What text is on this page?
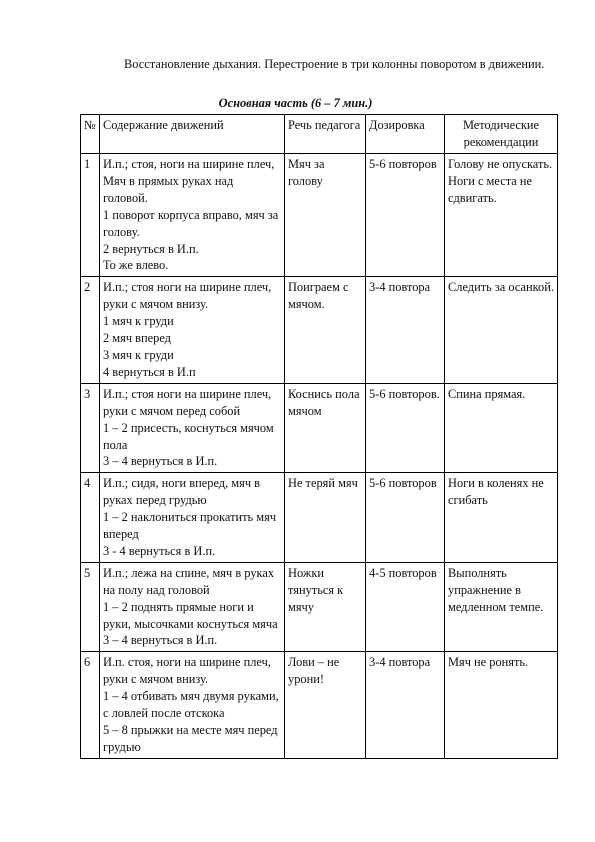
Восстановление дыхания. Перестроение в три колонны поворотом в движении.
Основная часть (6 – 7 мин.)
№	Содержание движений	Речь педагога	Дозировка	Методические рекомендации
1	И.п.; стоя, ноги на ширине плеч, Мяч в прямых руках над головой.
1 поворот корпуса вправо, мяч за голову.
2 вернуться в И.п.
То же влево.	Мяч за голову	5-6 повторов	Голову не опускать. Ноги с места не сдвигать.
2	И.п.; стоя ноги на ширине плеч, руки с мячом внизу.
1 мяч к груди
2 мяч вперед
3 мяч к груди
4 вернуться в И.п	Поиграем с мячом.	3-4 повтора	Следить за осанкой.
3	И.п.; стоя ноги на ширине плеч, руки с мячом перед собой
1 – 2 присесть, коснуться мячом пола
3 – 4 вернуться в И.п.	Коснись пола мячом	5-6 повторов.	Спина прямая.
4	И.п.; сидя, ноги вперед, мяч в руках перед грудью
1 – 2 наклониться прокатить мяч вперед
3 - 4 вернуться в И.п.	Не теряй мяч	5-6 повторов	Ноги в коленях не сгибать
5	И.п.; лежа на спине, мяч в руках на полу над головой
1 – 2 поднять прямые ноги и руки, мысочками коснуться мяча
3 – 4 вернуться в И.п.	Ножки тянуться к мячу	4-5 повторов	Выполнять упражнение в медленном темпе.
6	И.п. стоя, ноги на ширине плеч, руки с мячом внизу.
1 – 4 отбивать мяч двумя руками, с ловлей после отскока
5 – 8 прыжки на месте мяч перед грудью	Лови – не урони!	3-4 повтора	Мяч не ронять.
